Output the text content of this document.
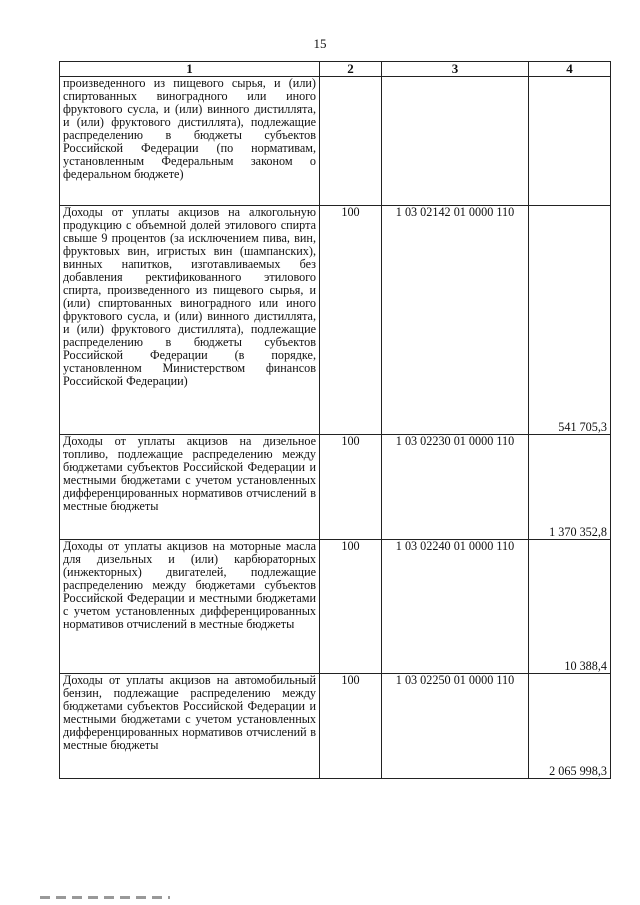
15
1	2	3	4
произведенного из пищевого сырья, и (или) спиртованных виноградного или иного фруктового сусла, и (или) винного дистиллята, и (или) фруктового дистиллята), подлежащие распределению в бюджеты субъектов Российской Федерации (по нормативам, установленным Федеральным законом о федеральном бюджете)			
Доходы от уплаты акцизов на алкогольную продукцию с объемной долей этилового спирта свыше 9 процентов (за исключением пива, вин, фруктовых вин, игристых вин (шампанских), винных напитков, изготавливаемых без добавления ректификованного этилового спирта, произведенного из пищевого сырья, и (или) спиртованных виноградного или иного фруктового сусла, и (или) винного дистиллята, и (или) фруктового дистиллята), подлежащие распределению в бюджеты субъектов Российской Федерации (в порядке, установленном Министерством финансов Российской Федерации)	100	1 03 02142 01 0000 110	541 705,3
Доходы от уплаты акцизов на дизельное топливо, подлежащие распределению между бюджетами субъектов Российской Федерации и местными бюджетами с учетом установленных дифференцированных нормативов отчислений в местные бюджеты	100	1 03 02230 01 0000 110	1 370 352,8
Доходы от уплаты акцизов на моторные масла для дизельных и (или) карбюраторных (инжекторных) двигателей, подлежащие распределению между бюджетами субъектов Российской Федерации и местными бюджетами с учетом установленных дифференцированных нормативов отчислений в местные бюджеты	100	1 03 02240 01 0000 110	10 388,4
Доходы от уплаты акцизов на автомобильный бензин, подлежащие распределению между бюджетами субъектов Российской Федерации и местными бюджетами с учетом установленных дифференцированных нормативов отчислений в местные бюджеты	100	1 03 02250 01 0000 110	2 065 998,3
